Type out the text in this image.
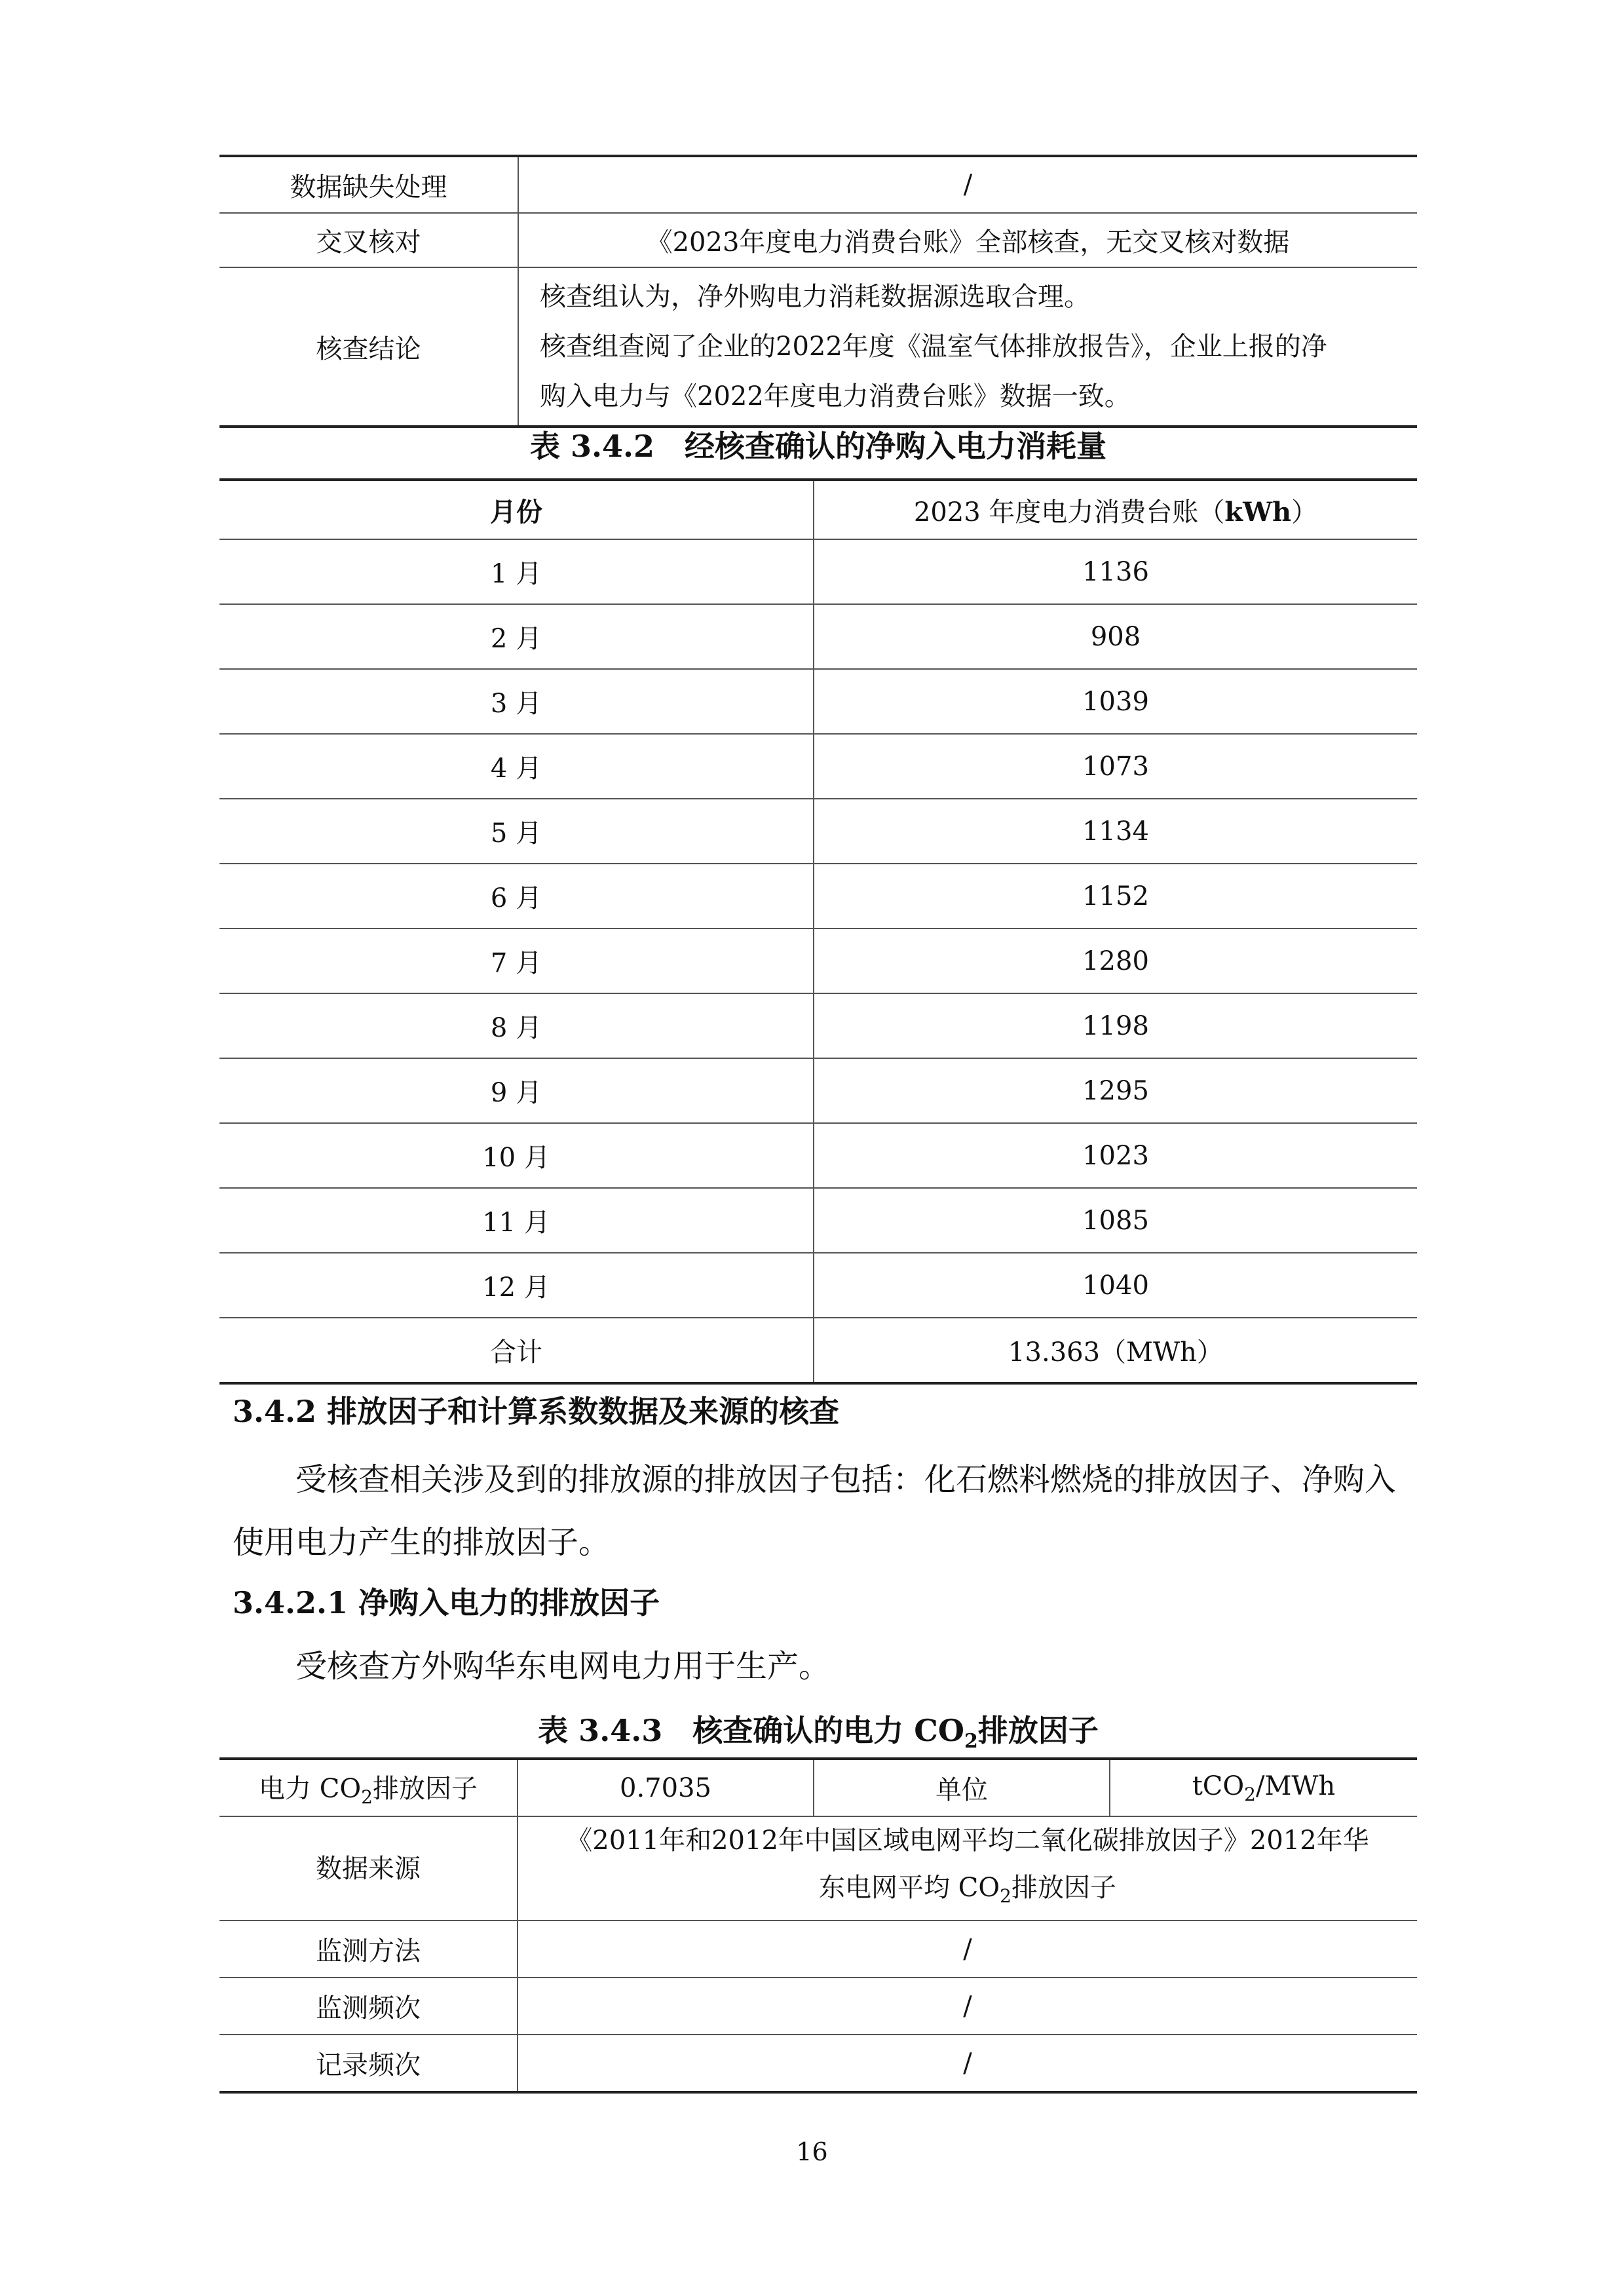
数据缺失处理	/
交叉核对	《2023年度电力消费台账》全部核查，无交叉核对数据
核查结论	核查组认为，净外购电力消耗数据源选取合理。
核查组查阅了企业的2022年度《温室气体排放报告》，企业上报的净
购入电力与《2022年度电力消费台账》数据一致。
表 3.4.2　经核查确认的净购入电力消耗量
月份	2023 年度电力消费台账（kWh）
1 月	1136
2 月	908
3 月	1039
4 月	1073
5 月	1134
6 月	1152
7 月	1280
8 月	1198
9 月	1295
10 月	1023
11 月	1085
12 月	1040
合计	13.363（MWh）
3.4.2 排放因子和计算系数数据及来源的核查
受核查相关涉及到的排放源的排放因子包括：化石燃料燃烧的排放因子、净购入使用电力产生的排放因子。
3.4.2.1 净购入电力的排放因子
受核查方外购华东电网电力用于生产。
表 3.4.3　核查确认的电力 $CO_2$排放因子
电力 $CO_2$排放因子	0.7035	单位	tCO$_2$/MWh
数据来源	《2011年和2012年中国区域电网平均二氧化碳排放因子》2012年华
东电网平均 $CO_2$排放因子		

监测方法	/		
监测频次	/		
记录频次	/		
16
